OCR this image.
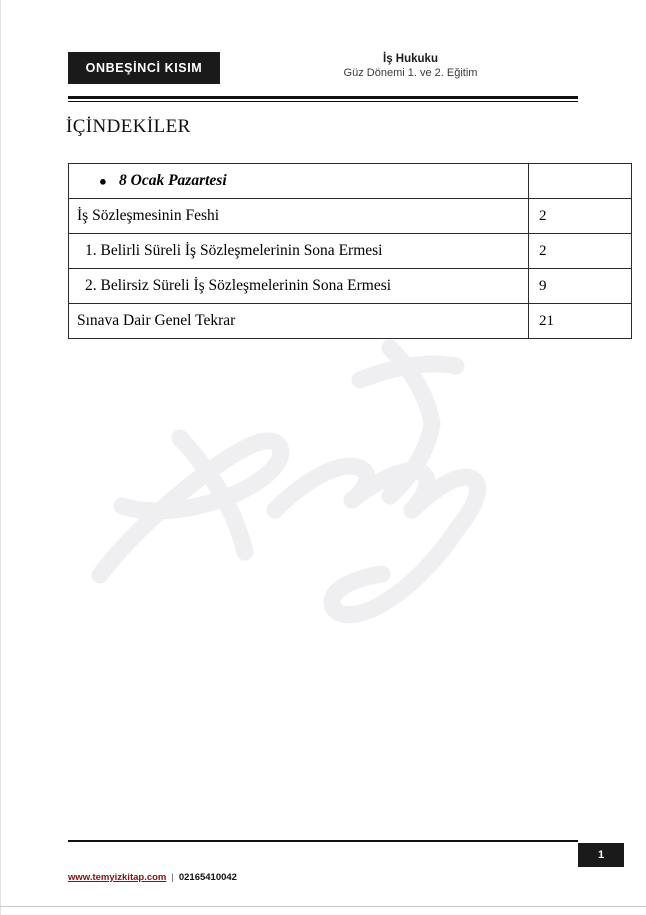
ONBEŞİNCİ KISIM
İş Hukuku
Güz Dönemi 1. ve 2. Eğitim
İÇİNDEKİLER
● 8 Ocak Pazartesi	
İş Sözleşmesinin Feshi	2
1. Belirli Süreli İş Sözleşmelerinin Sona Ermesi	2
2. Belirsiz Süreli İş Sözleşmelerinin Sona Ermesi	9
Sınava Dair Genel Tekrar	21
1
www.temyizkitap.com | 02165410042
